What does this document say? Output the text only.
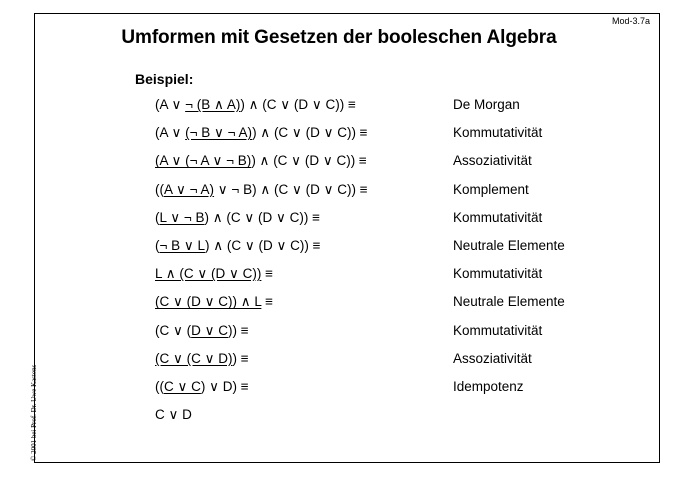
Mod-3.7a
Umformen mit Gesetzen der booleschen Algebra
Beispiel:
(A ∨ ¬ (B ∧ A)) ∧ (C ∨ (D ∨ C)) ≡	De Morgan
(A ∨ (¬ B ∨ ¬ A)) ∧ (C ∨ (D ∨ C)) ≡	Kommutativität
(A ∨ (¬ A ∨ ¬ B)) ∧ (C ∨ (D ∨ C)) ≡	Assoziativität
((A ∨ ¬ A) ∨ ¬ B) ∧ (C ∨ (D ∨ C)) ≡	Komplement
(L ∨ ¬ B) ∧ (C ∨ (D ∨ C)) ≡	Kommutativität
(¬ B ∨ L) ∧ (C ∨ (D ∨ C)) ≡	Neutrale Elemente
L ∧ (C ∨ (D ∨ C)) ≡	Kommutativität
(C ∨ (D ∨ C)) ∧ L ≡	Neutrale Elemente
(C ∨ (D ∨ C)) ≡	Kommutativität
(C ∨ (C ∨ D)) ≡	Assoziativität
((C ∨ C) ∨ D) ≡	Idempotenz
C ∨ D
© 2001 bei Prof. Dr. Uwe Kastens
